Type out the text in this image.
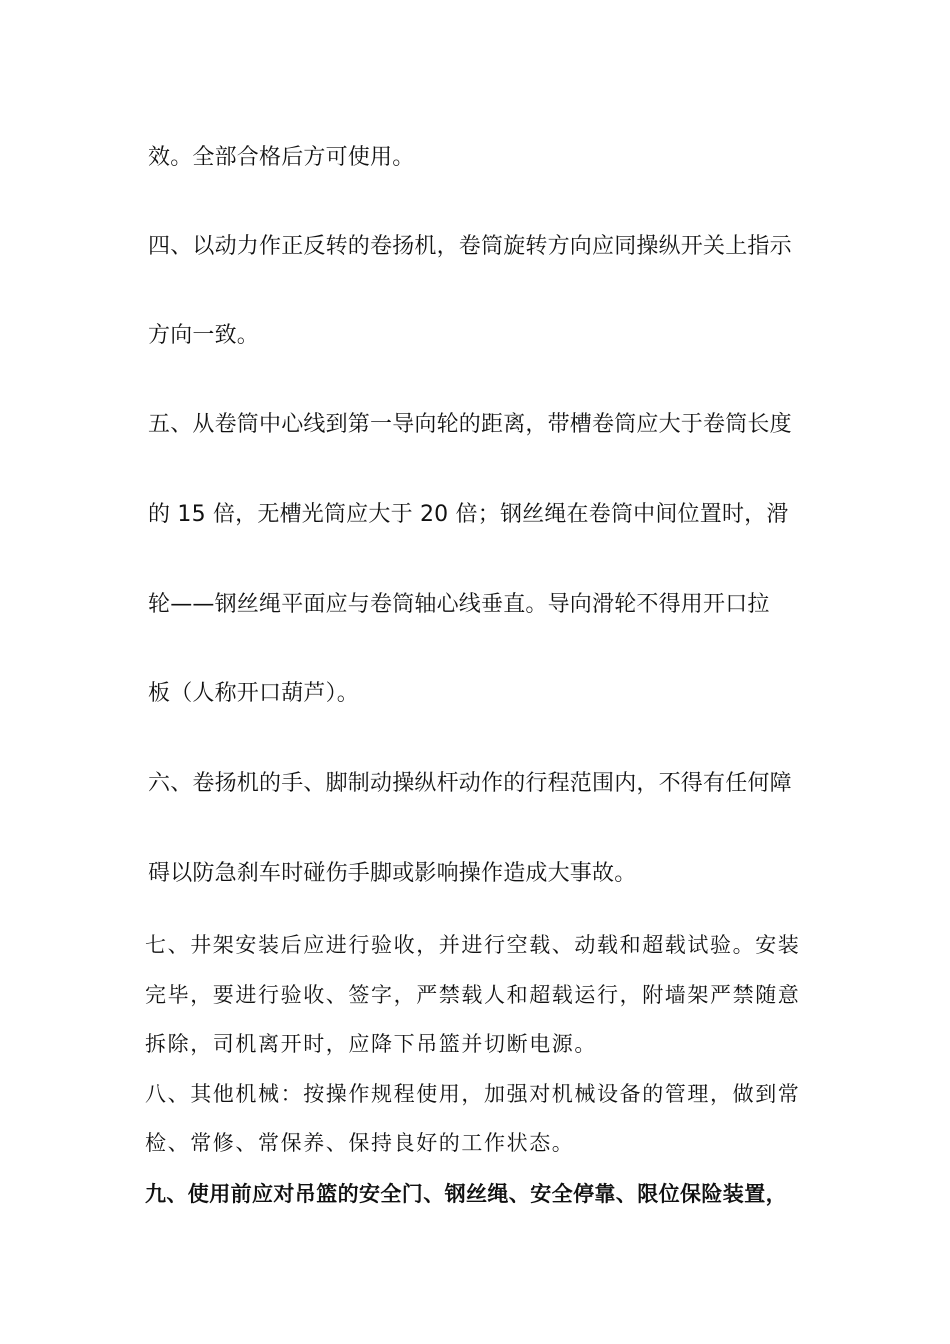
效。全部合格后方可使用。
四、以动力作正反转的卷扬机，卷筒旋转方向应同操纵开关上指示
方向一致。
五、从卷筒中心线到第一导向轮的距离，带槽卷筒应大于卷筒长度
的 15 倍，无槽光筒应大于 20 倍；钢丝绳在卷筒中间位置时，滑
轮——钢丝绳平面应与卷筒轴心线垂直。导向滑轮不得用开口拉
板（人称开口葫芦）。
六、卷扬机的手、脚制动操纵杆动作的行程范围内，不得有任何障
碍以防急刹车时碰伤手脚或影响操作造成大事故。
七、井架安装后应进行验收，并进行空载、动载和超载试验。安装
完毕，要进行验收、签字，严禁载人和超载运行，附墙架严禁随意
拆除，司机离开时，应降下吊篮并切断电源。
八、其他机械：按操作规程使用，加强对机械设备的管理，做到常
检、常修、常保养、保持良好的工作状态。
九、使用前应对吊篮的安全门、钢丝绳、安全停靠、限位保险装置，
